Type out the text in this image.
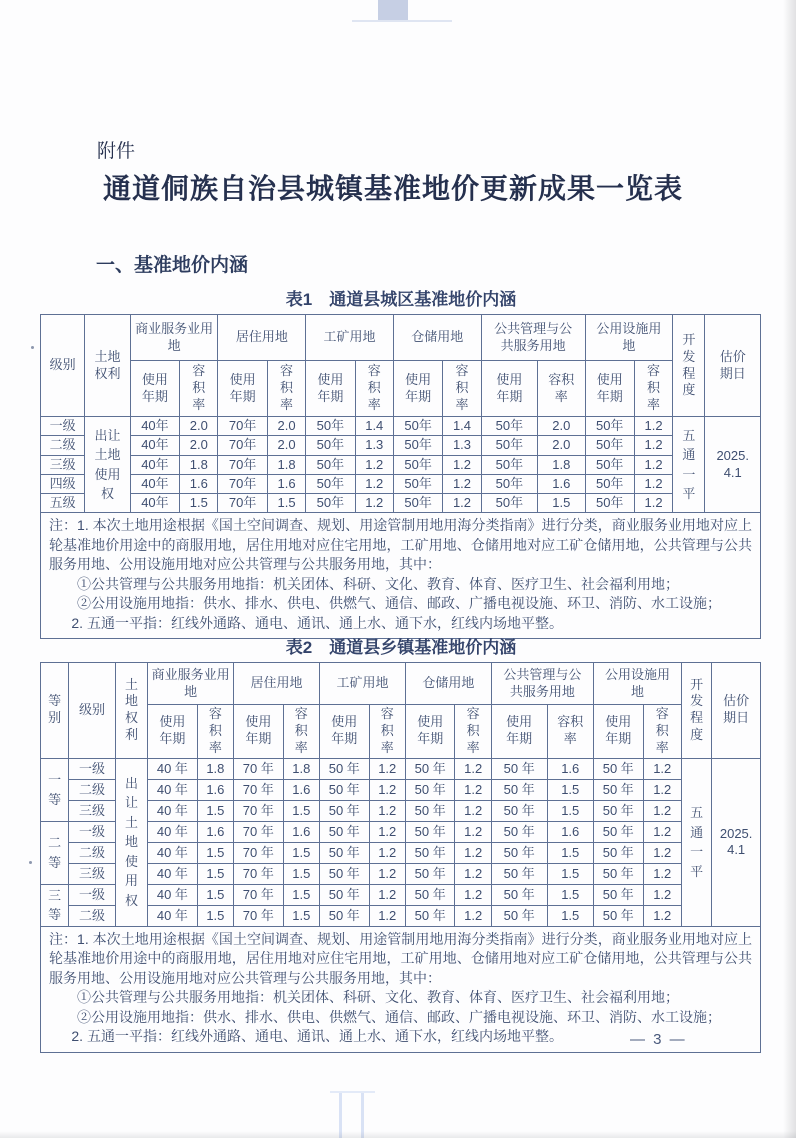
附件
通道侗族自治县城镇基准地价更新成果一览表
一、基准地价内涵
表1　通道县城区基准地价内涵
级别	土地权利	商业服务业用地		居住用地		工矿用地		仓储用地		公共管理与公共服务用地		公用设施用地		开发程度	估价期日
		使用年期	容积率	使用年期	容积率	使用年期	容积率	使用年期	容积率	使用年期	容积率	使用年期	容积率		
一级	出让土地使用权	40年	2.0	70年	2.0	50年	1.4	50年	1.4	50年	2.0	50年	1.2	五通一平	2025. 4.1
二级		40年	2.0	70年	2.0	50年	1.3	50年	1.3	50年	2.0	50年	1.2		
三级		40年	1.8	70年	1.8	50年	1.2	50年	1.2	50年	1.8	50年	1.2		
四级		40年	1.6	70年	1.6	50年	1.2	50年	1.2	50年	1.6	50年	1.2		
五级		40年	1.5	70年	1.5	50年	1.2	50年	1.2	50年	1.5	50年	1.2		

注：1. 本次土地用途根据《国土空间调查、规划、用途管制用地用海分类指南》进行分类，商业服务业用地对应上轮基准地价用途中的商服用地，居住用地对应住宅用地，工矿用地、仓储用地对应工矿仓储用地，公共管理与公共服务用地、公用设施用地对应公共管理与公共服务用地，其中：

①公共管理与公共服务用地指：机关团体、科研、文化、教育、体育、医疗卫生、社会福利用地；

②公用设施用地指：供水、排水、供电、供燃气、通信、邮政、广播电视设施、环卫、消防、水工设施；

2. 五通一平指：红线外通路、通电、通讯、通上水、通下水，红线内场地平整。

表2　通道县乡镇基准地价内涵
等别	级别	土地权利	商业服务业用地		居住用地		工矿用地		仓储用地		公共管理与公共服务用地		公用设施用地		开发程度	估价期日
			使用年期	容积率	使用年期	容积率	使用年期	容积率	使用年期	容积率	使用年期	容积率	使用年期	容积率		
一等	一级	出让土地使用权	40 年	1.8	70 年	1.8	50 年	1.2	50 年	1.2	50 年	1.6	50 年	1.2	五通一平	2025. 4.1
	二级		40 年	1.6	70 年	1.6	50 年	1.2	50 年	1.2	50 年	1.5	50 年	1.2		
	三级		40 年	1.5	70 年	1.5	50 年	1.2	50 年	1.2	50 年	1.5	50 年	1.2		
二等	一级		40 年	1.6	70 年	1.6	50 年	1.2	50 年	1.2	50 年	1.6	50 年	1.2		
	二级		40 年	1.5	70 年	1.5	50 年	1.2	50 年	1.2	50 年	1.5	50 年	1.2		
	三级		40 年	1.5	70 年	1.5	50 年	1.2	50 年	1.2	50 年	1.5	50 年	1.2		
三等	一级		40 年	1.5	70 年	1.5	50 年	1.2	50 年	1.2	50 年	1.5	50 年	1.2		
	二级		40 年	1.5	70 年	1.5	50 年	1.2	50 年	1.2	50 年	1.5	50 年	1.2		

注：1. 本次土地用途根据《国土空间调查、规划、用途管制用地用海分类指南》进行分类，商业服务业用地对应上轮基准地价用途中的商服用地，居住用地对应住宅用地，工矿用地、仓储用地对应工矿仓储用地，公共管理与公共服务用地、公用设施用地对应公共管理与公共服务用地，其中：

①公共管理与公共服务用地指：机关团体、科研、文化、教育、体育、医疗卫生、社会福利用地；

②公用设施用地指：供水、排水、供电、供燃气、通信、邮政、广播电视设施、环卫、消防、水工设施；

2. 五通一平指：红线外通路、通电、通讯、通上水、通下水，红线内场地平整。	— 3 —
